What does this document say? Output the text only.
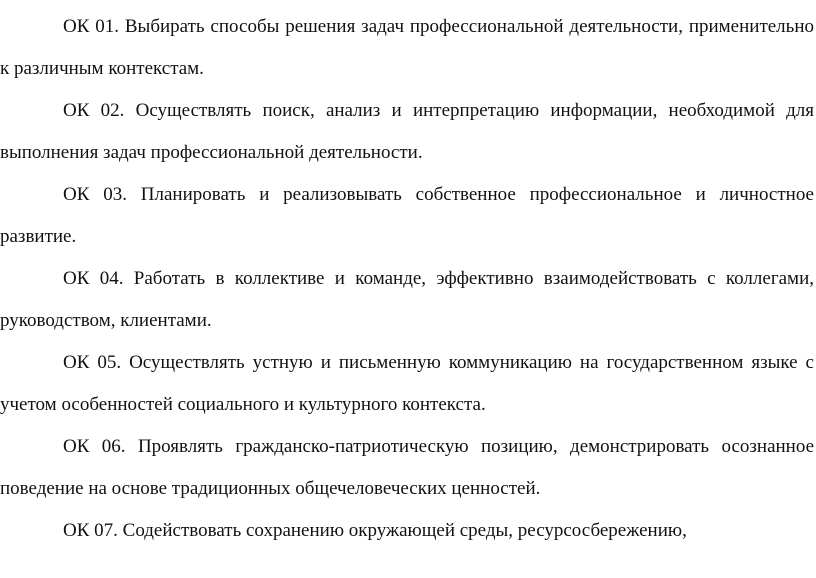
ОК 01. Выбирать способы решения задач профессиональной деятельности, применительно к различным контекстам.

ОК 02. Осуществлять поиск, анализ и интерпретацию информации, необходимой для выполнения задач профессиональной деятельности.

ОК 03. Планировать и реализовывать собственное профессиональное и личностное развитие.

ОК 04. Работать в коллективе и команде, эффективно взаимодействовать с коллегами, руководством, клиентами.

ОК 05. Осуществлять устную и письменную коммуникацию на государственном языке с учетом особенностей социального и культурного контекста.

ОК 06. Проявлять гражданско-патриотическую позицию, демонстрировать осознанное поведение на основе традиционных общечеловеческих ценностей.

ОК 07. Содействовать сохранению окружающей среды, ресурсосбережению,
